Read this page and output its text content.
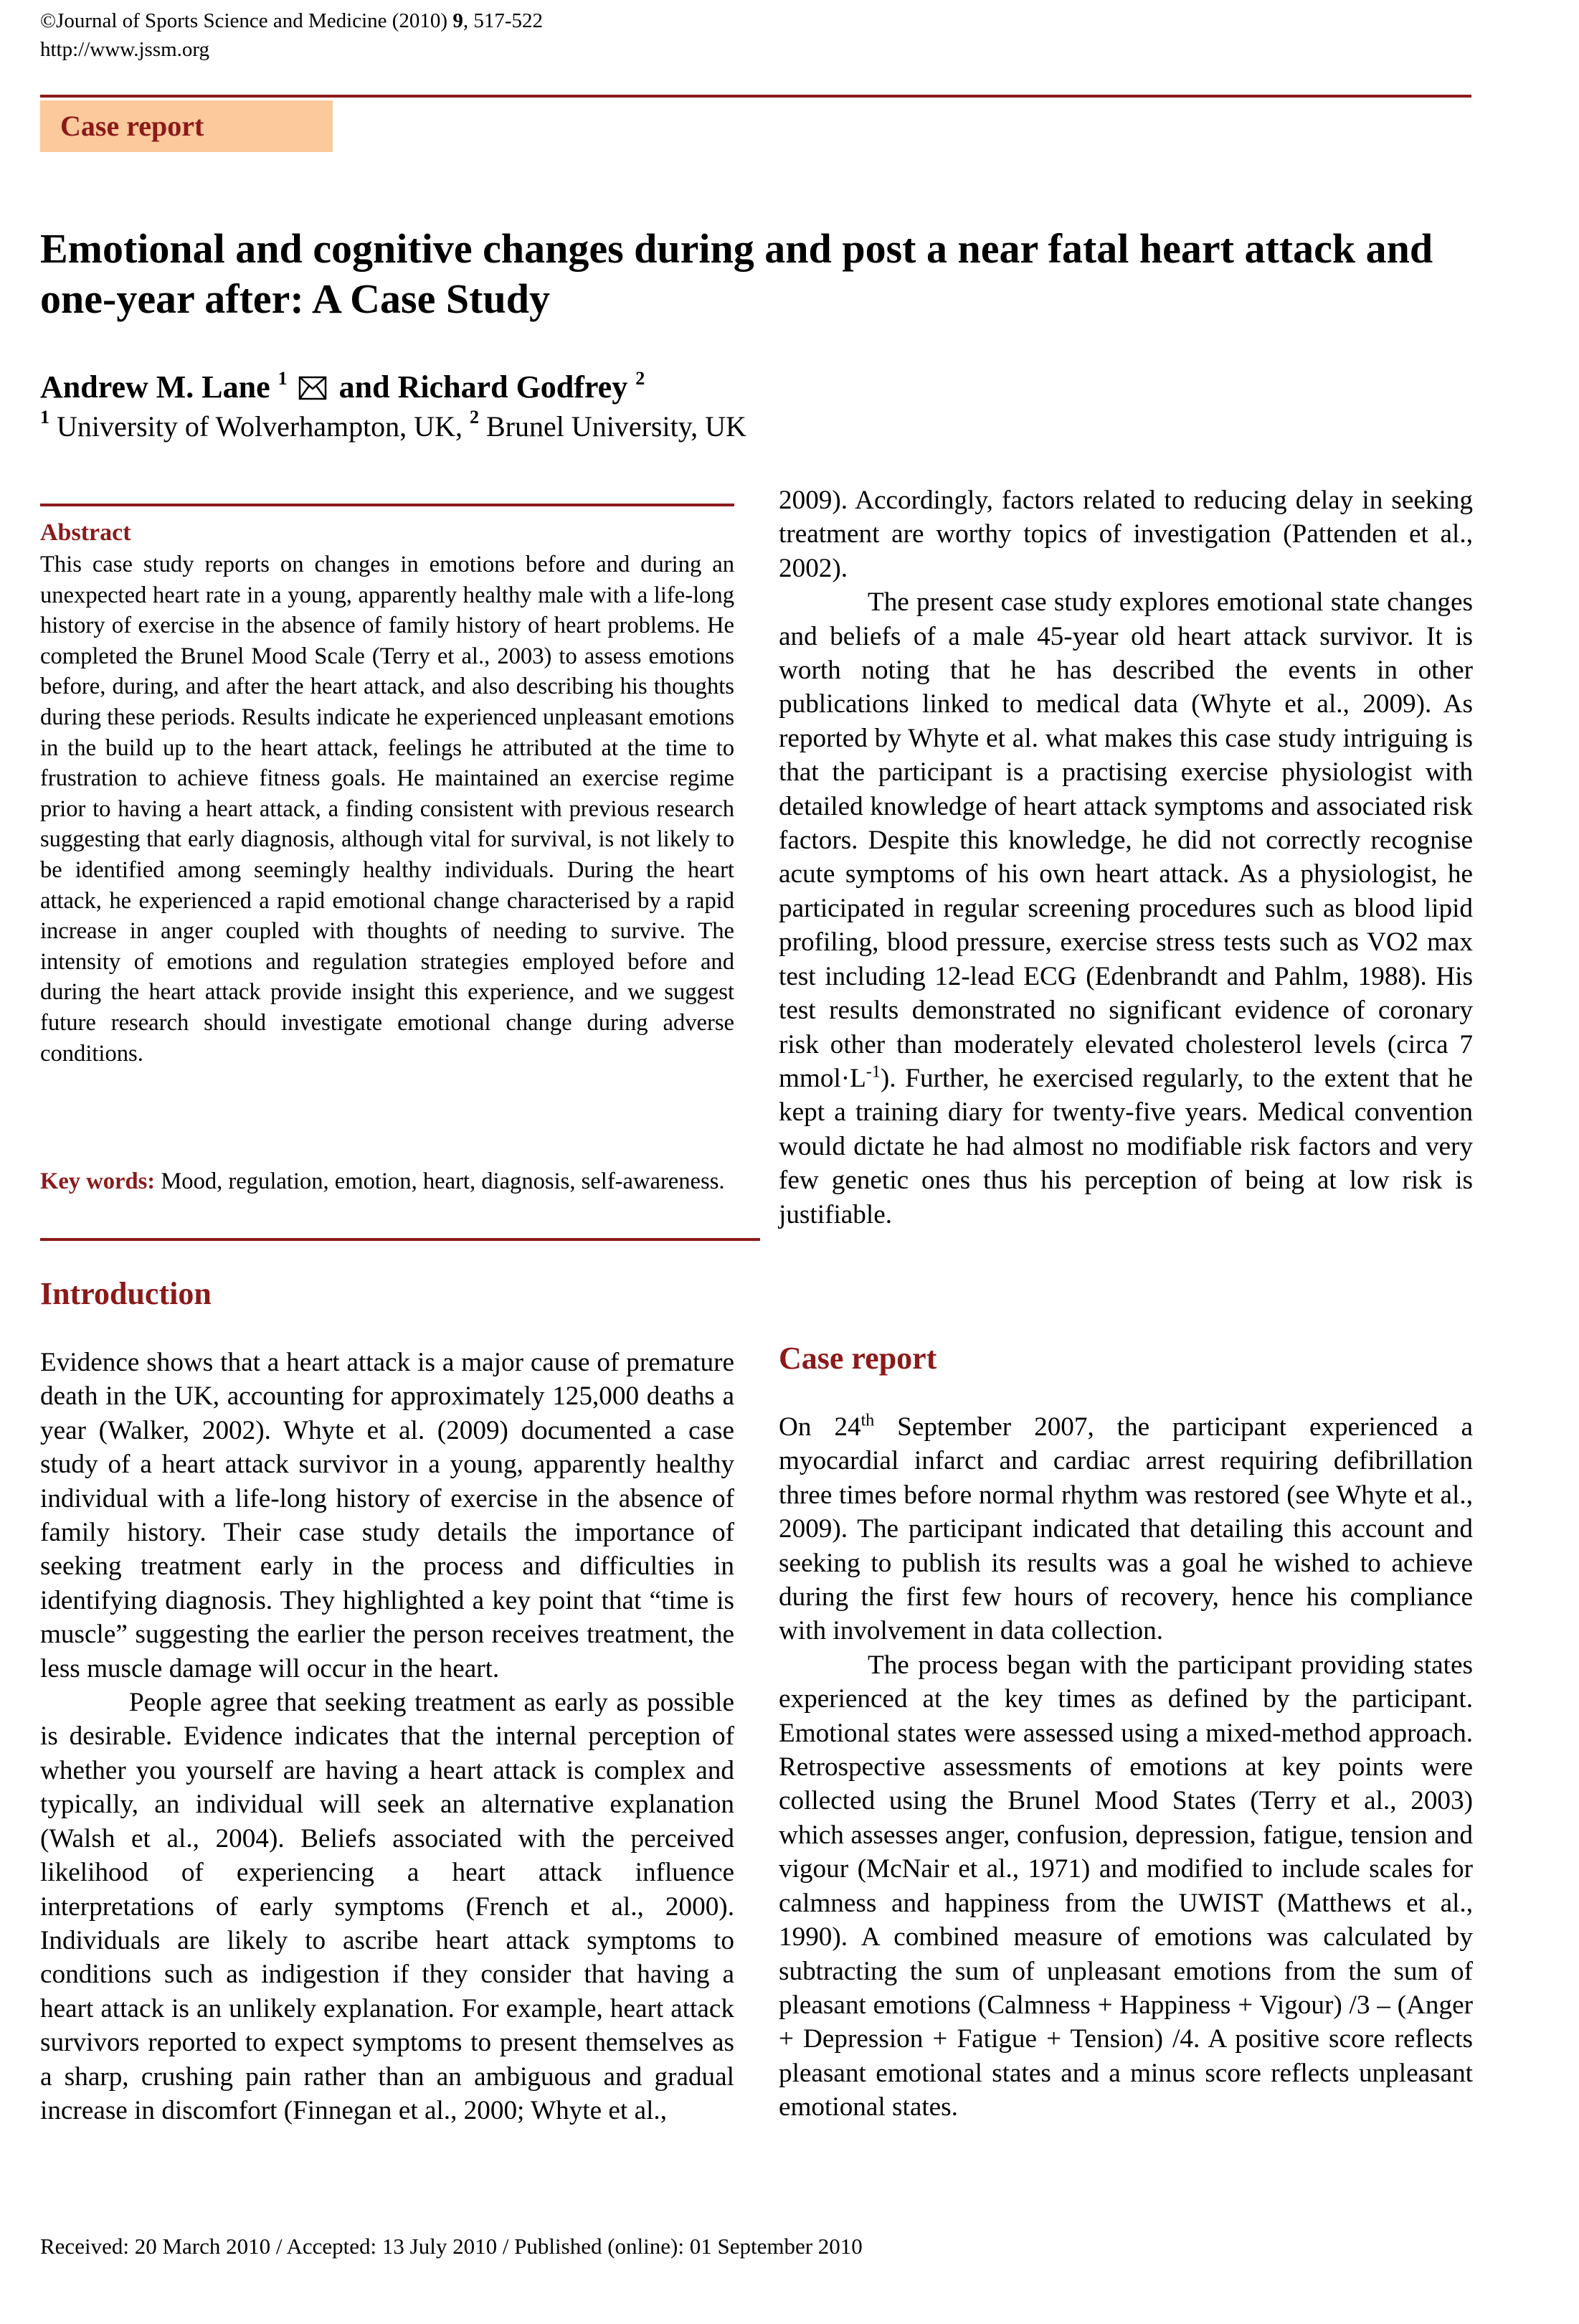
©Journal of Sports Science and Medicine (2010) 9, 517-522
http://www.jssm.org
Case report
Emotional and cognitive changes during and post a near fatal heart attack and one-year after: A Case Study
Andrew M. Lane $^1$ and Richard Godfrey $^2$
$^1$ University of Wolverhampton, UK, $^2$ Brunel University, UK
Abstract
This case study reports on changes in emotions before and during an unexpected heart rate in a young, apparently healthy male with a life-long history of exercise in the absence of family history of heart problems. He completed the Brunel Mood Scale (Terry et al., 2003) to assess emotions before, during, and after the heart attack, and also describing his thoughts during these periods. Results indicate he experienced unpleasant emotions in the build up to the heart attack, feelings he attributed at the time to frustration to achieve fitness goals. He maintained an exercise regime prior to having a heart attack, a finding consistent with previous research suggesting that early diagnosis, although vital for survival, is not likely to be identified among seemingly healthy individuals. During the heart attack, he experienced a rapid emotional change characterised by a rapid increase in anger coupled with thoughts of needing to survive. The intensity of emotions and regulation strategies employed before and during the heart attack provide insight this experience, and we suggest future research should investigate emotional change during adverse conditions.
Key words: Mood, regulation, emotion, heart, diagnosis, self-awareness.
Introduction

Evidence shows that a heart attack is a major cause of premature death in the UK, accounting for approximately 125,000 deaths a year (Walker, 2002). Whyte et al. (2009) documented a case study of a heart attack survivor in a young, apparently healthy individual with a life-long history of exercise in the absence of family history. Their case study details the importance of seeking treatment early in the process and difficulties in identifying diagnosis. They highlighted a key point that “time is muscle” suggesting the earlier the person receives treatment, the less muscle damage will occur in the heart.

People agree that seeking treatment as early as possible is desirable. Evidence indicates that the internal perception of whether you yourself are having a heart attack is complex and typically, an individual will seek an alternative explanation (Walsh et al., 2004). Beliefs associated with the perceived likelihood of experiencing a heart attack influence interpretations of early symptoms (French et al., 2000). Individuals are likely to ascribe heart attack symptoms to conditions such as indigestion if they consider that having a heart attack is an unlikely explanation. For example, heart attack survivors reported to expect symptoms to present themselves as a sharp, crushing pain rather than an ambiguous and gradual increase in discomfort (Finnegan et al., 2000; Whyte et al.,

2009). Accordingly, factors related to reducing delay in seeking treatment are worthy topics of investigation (Pattenden et al., 2002).

The present case study explores emotional state changes and beliefs of a male 45-year old heart attack survivor. It is worth noting that he has described the events in other publications linked to medical data (Whyte et al., 2009). As reported by Whyte et al. what makes this case study intriguing is that the participant is a practising exercise physiologist with detailed knowledge of heart attack symptoms and associated risk factors. Despite this knowledge, he did not correctly recognise acute symptoms of his own heart attack. As a physiologist, he participated in regular screening procedures such as blood lipid profiling, blood pressure, exercise stress tests such as VO2 max test including 12-lead ECG (Edenbrandt and Pahlm, 1988). His test results demonstrated no significant evidence of coronary risk other than moderately elevated cholesterol levels (circa 7 $mmol\cdot L^{-1}$). Further, he exercised regularly, to the extent that he kept a training diary for twenty-five years. Medical convention would dictate he had almost no modifiable risk factors and very few genetic ones thus his perception of being at low risk is justifiable.

Case report

On 24th September 2007, the participant experienced a myocardial infarct and cardiac arrest requiring defibrillation three times before normal rhythm was restored (see Whyte et al., 2009). The participant indicated that detailing this account and seeking to publish its results was a goal he wished to achieve during the first few hours of recovery, hence his compliance with involvement in data collection.

The process began with the participant providing states experienced at the key times as defined by the participant. Emotional states were assessed using a mixed-method approach. Retrospective assessments of emotions at key points were collected using the Brunel Mood States (Terry et al., 2003) which assesses anger, confusion, depression, fatigue, tension and vigour (McNair et al., 1971) and modified to include scales for calmness and happiness from the UWIST (Matthews et al., 1990). A combined measure of emotions was calculated by subtracting the sum of unpleasant emotions from the sum of pleasant emotions (Calmness + Happiness + Vigour) /3 – (Anger + Depression + Fatigue + Tension) /4. A positive score reflects pleasant emotional states and a minus score reflects unpleasant emotional states.

Received: 20 March 2010 / Accepted: 13 July 2010 / Published (online): 01 September 2010
